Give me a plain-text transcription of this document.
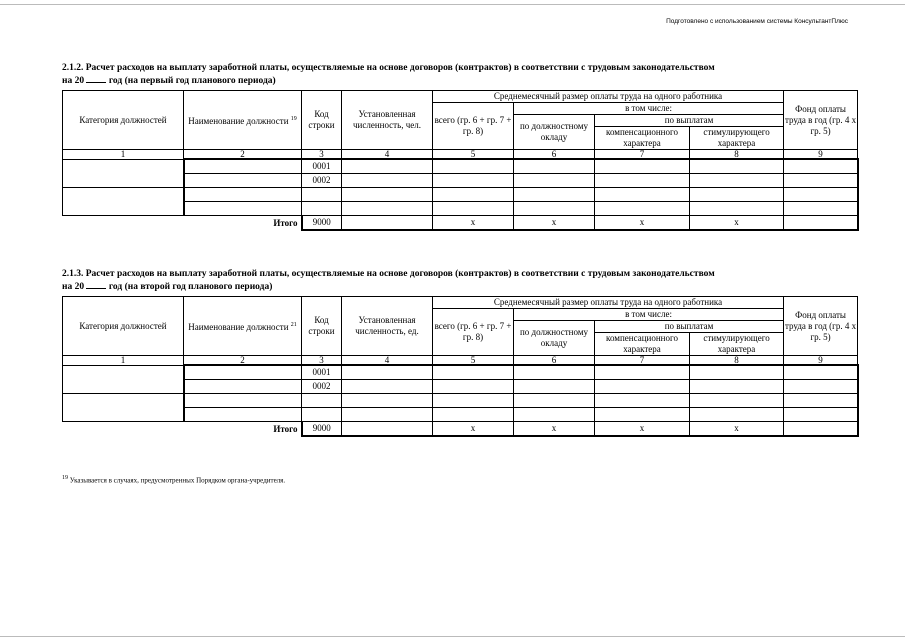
Подготовлено с использованием системы КонсультантПлюс

2.1.2. Расчет расходов на выплату заработной платы, осуществляемые на основе договоров (контрактов) в соответствии с трудовым законодательством
на 20	год (на первый год планового периода)

Категория должностей	Наименование должности $^{19}$	Код строки	Установленная численность, чел.	Среднемесячный размер оплаты труда на одного работника				Фонд оплаты труда в год (гр. 4 х гр. 5)
				всего (гр. 6 + гр. 7 + гр. 8)	в том числе:			
					по должностному окладу	по выплатам		
						компенсационного характера	стимулирующего характера	
1	2	3	4	5	6	7	8	9
		0001						
		0002						

Итого		9000		х	х	х	х	

2.1.3. Расчет расходов на выплату заработной платы, осуществляемые на основе договоров (контрактов) в соответствии с трудовым законодательством
на 20	год (на второй год планового периода)

Категория должностей	Наименование должности $^{21}$	Код строки	Установленная численность, ед.	Среднемесячный размер оплаты труда на одного работника				Фонд оплаты труда в год (гр. 4 х гр. 5)
				всего (гр. 6 + гр. 7 + гр. 8)	в том числе:			
					по должностному окладу	по выплатам		
						компенсационного характера	стимулирующего характера	
1	2	3	4	5	6	7	8	9
		0001						
		0002						

Итого		9000		х	х	х	х	
$^{19}$ Указывается в случаях, предусмотренных Порядком органа-учредителя.
